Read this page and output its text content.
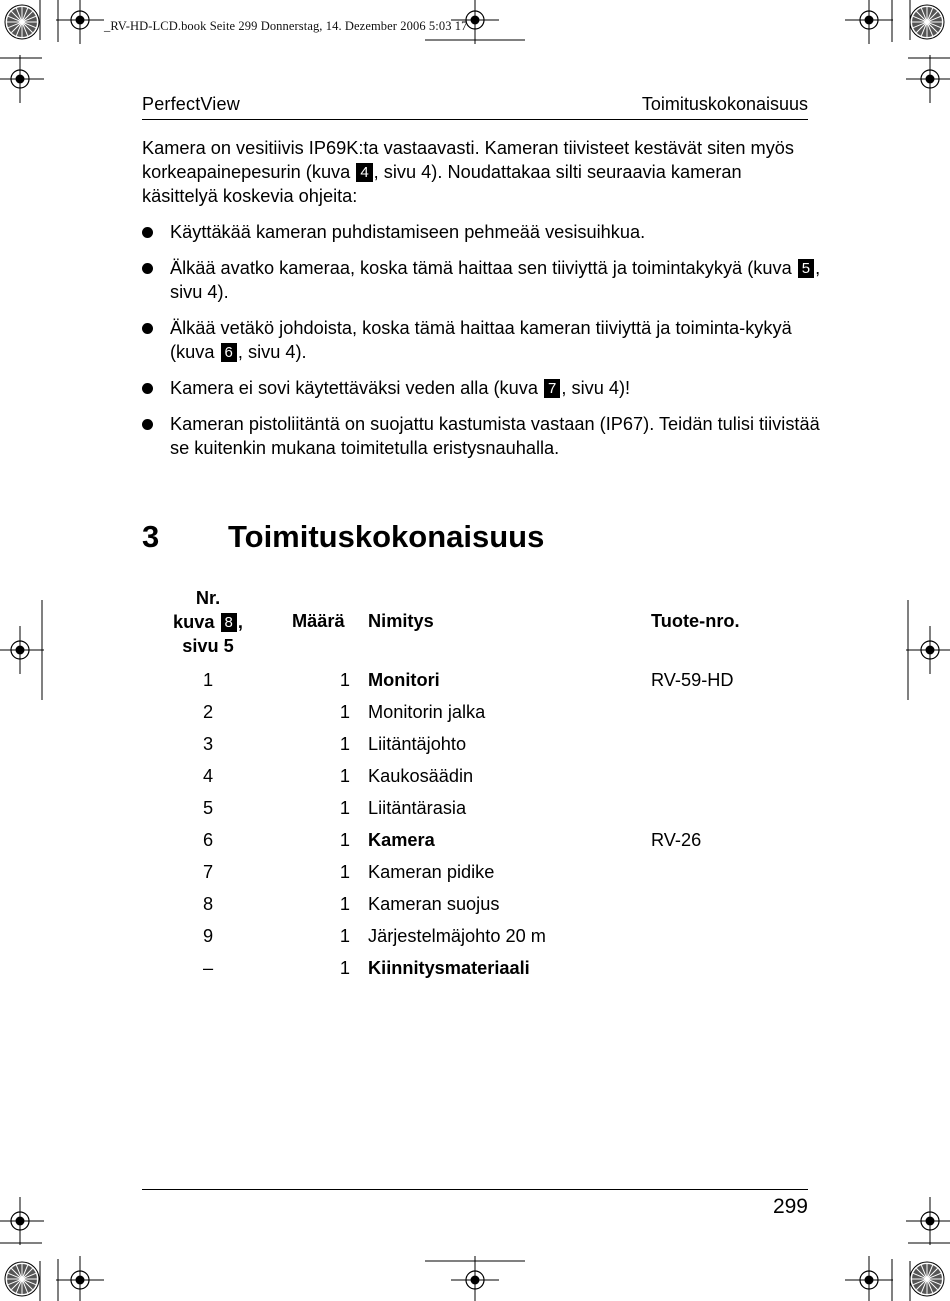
_RV-HD-LCD.book Seite 299 Donnerstag, 14. Dezember 2006 5:03 17
PerfectView	Toimituskokonaisuus
Kamera on vesitiivis IP69K:ta vastaavasti. Kameran tiivisteet kestävät siten myös korkeapainepesurin (kuva 4 , sivu 4). Noudattakaa silti seuraavia kameran käsittelyä koskevia ohjeita:
Käyttäkää kameran puhdistamiseen pehmeää vesisuihkua.
Älkää avatko kameraa, koska tämä haittaa sen tiiviyttä ja toimintakykyä (kuva 5 , sivu 4).
Älkää vetäkö johdoista, koska tämä haittaa kameran tiiviyttä ja toiminta-kykyä (kuva 6 , sivu 4).
Kamera ei sovi käytettäväksi veden alla (kuva 7 , sivu 4)!
Kameran pistoliitäntä on suojattu kastumista vastaan (IP67). Teidän tulisi tiivistää se kuitenkin mukana toimitetulla eristysnauhalla.
3 Toimituskokonaisuus
Nr.
kuva 8 ,
sivu 5
Määrä Nimitys	Tuote-nro.
1	1 Monitori	RV-59-HD
2	1 Monitorin jalka
3	1 Liitäntäjohto
4	1 Kaukosäädin
5	1 Liitäntärasia
6	1 Kamera	RV-26
7	1 Kameran pidike
8	1 Kameran suojus
9	1 Järjestelmäjohto 20 m
–	1 Kiinnitysmateriaali
299
